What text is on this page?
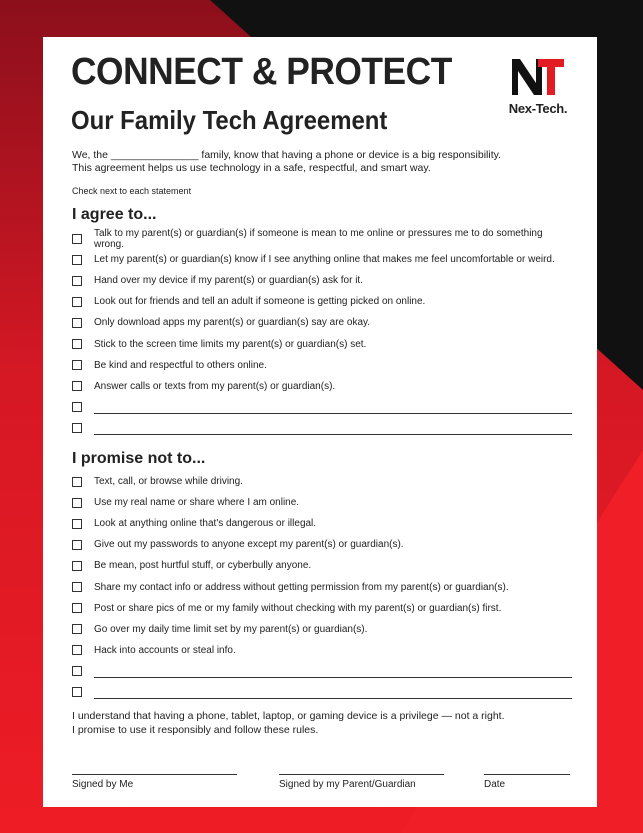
CONNECT & PROTECT
Our Family Tech Agreement	Nex-Tech.
We, the _______________ family, know that having a phone or device is a big responsibility.
This agreement helps us use technology in a safe, respectful, and smart way.
Check next to each statement
I agree to...
Talk to my parent(s) or guardian(s) if someone is mean to me online or pressures me to do something wrong.
Let my parent(s) or guardian(s) know if I see anything online that makes me feel uncomfortable or weird.
Hand over my device if my parent(s) or guardian(s) ask for it.
Look out for friends and tell an adult if someone is getting picked on online.
Only download apps my parent(s) or guardian(s) say are okay.
Stick to the screen time limits my parent(s) or guardian(s) set.
Be kind and respectful to others online.
Answer calls or texts from my parent(s) or guardian(s).
I promise not to...
Text, call, or browse while driving.
Use my real name or share where I am online.
Look at anything online that's dangerous or illegal.
Give out my passwords to anyone except my parent(s) or guardian(s).
Be mean, post hurtful stuff, or cyberbully anyone.
Share my contact info or address without getting permission from my parent(s) or guardian(s).
Post or share pics of me or my family without checking with my parent(s) or guardian(s) first.
Go over my daily time limit set by my parent(s) or guardian(s).
Hack into accounts or steal info.
I understand that having a phone, tablet, laptop, or gaming device is a privilege — not a right.
I promise to use it responsibly and follow these rules.
Signed by Me	Signed by my Parent/Guardian	Date
